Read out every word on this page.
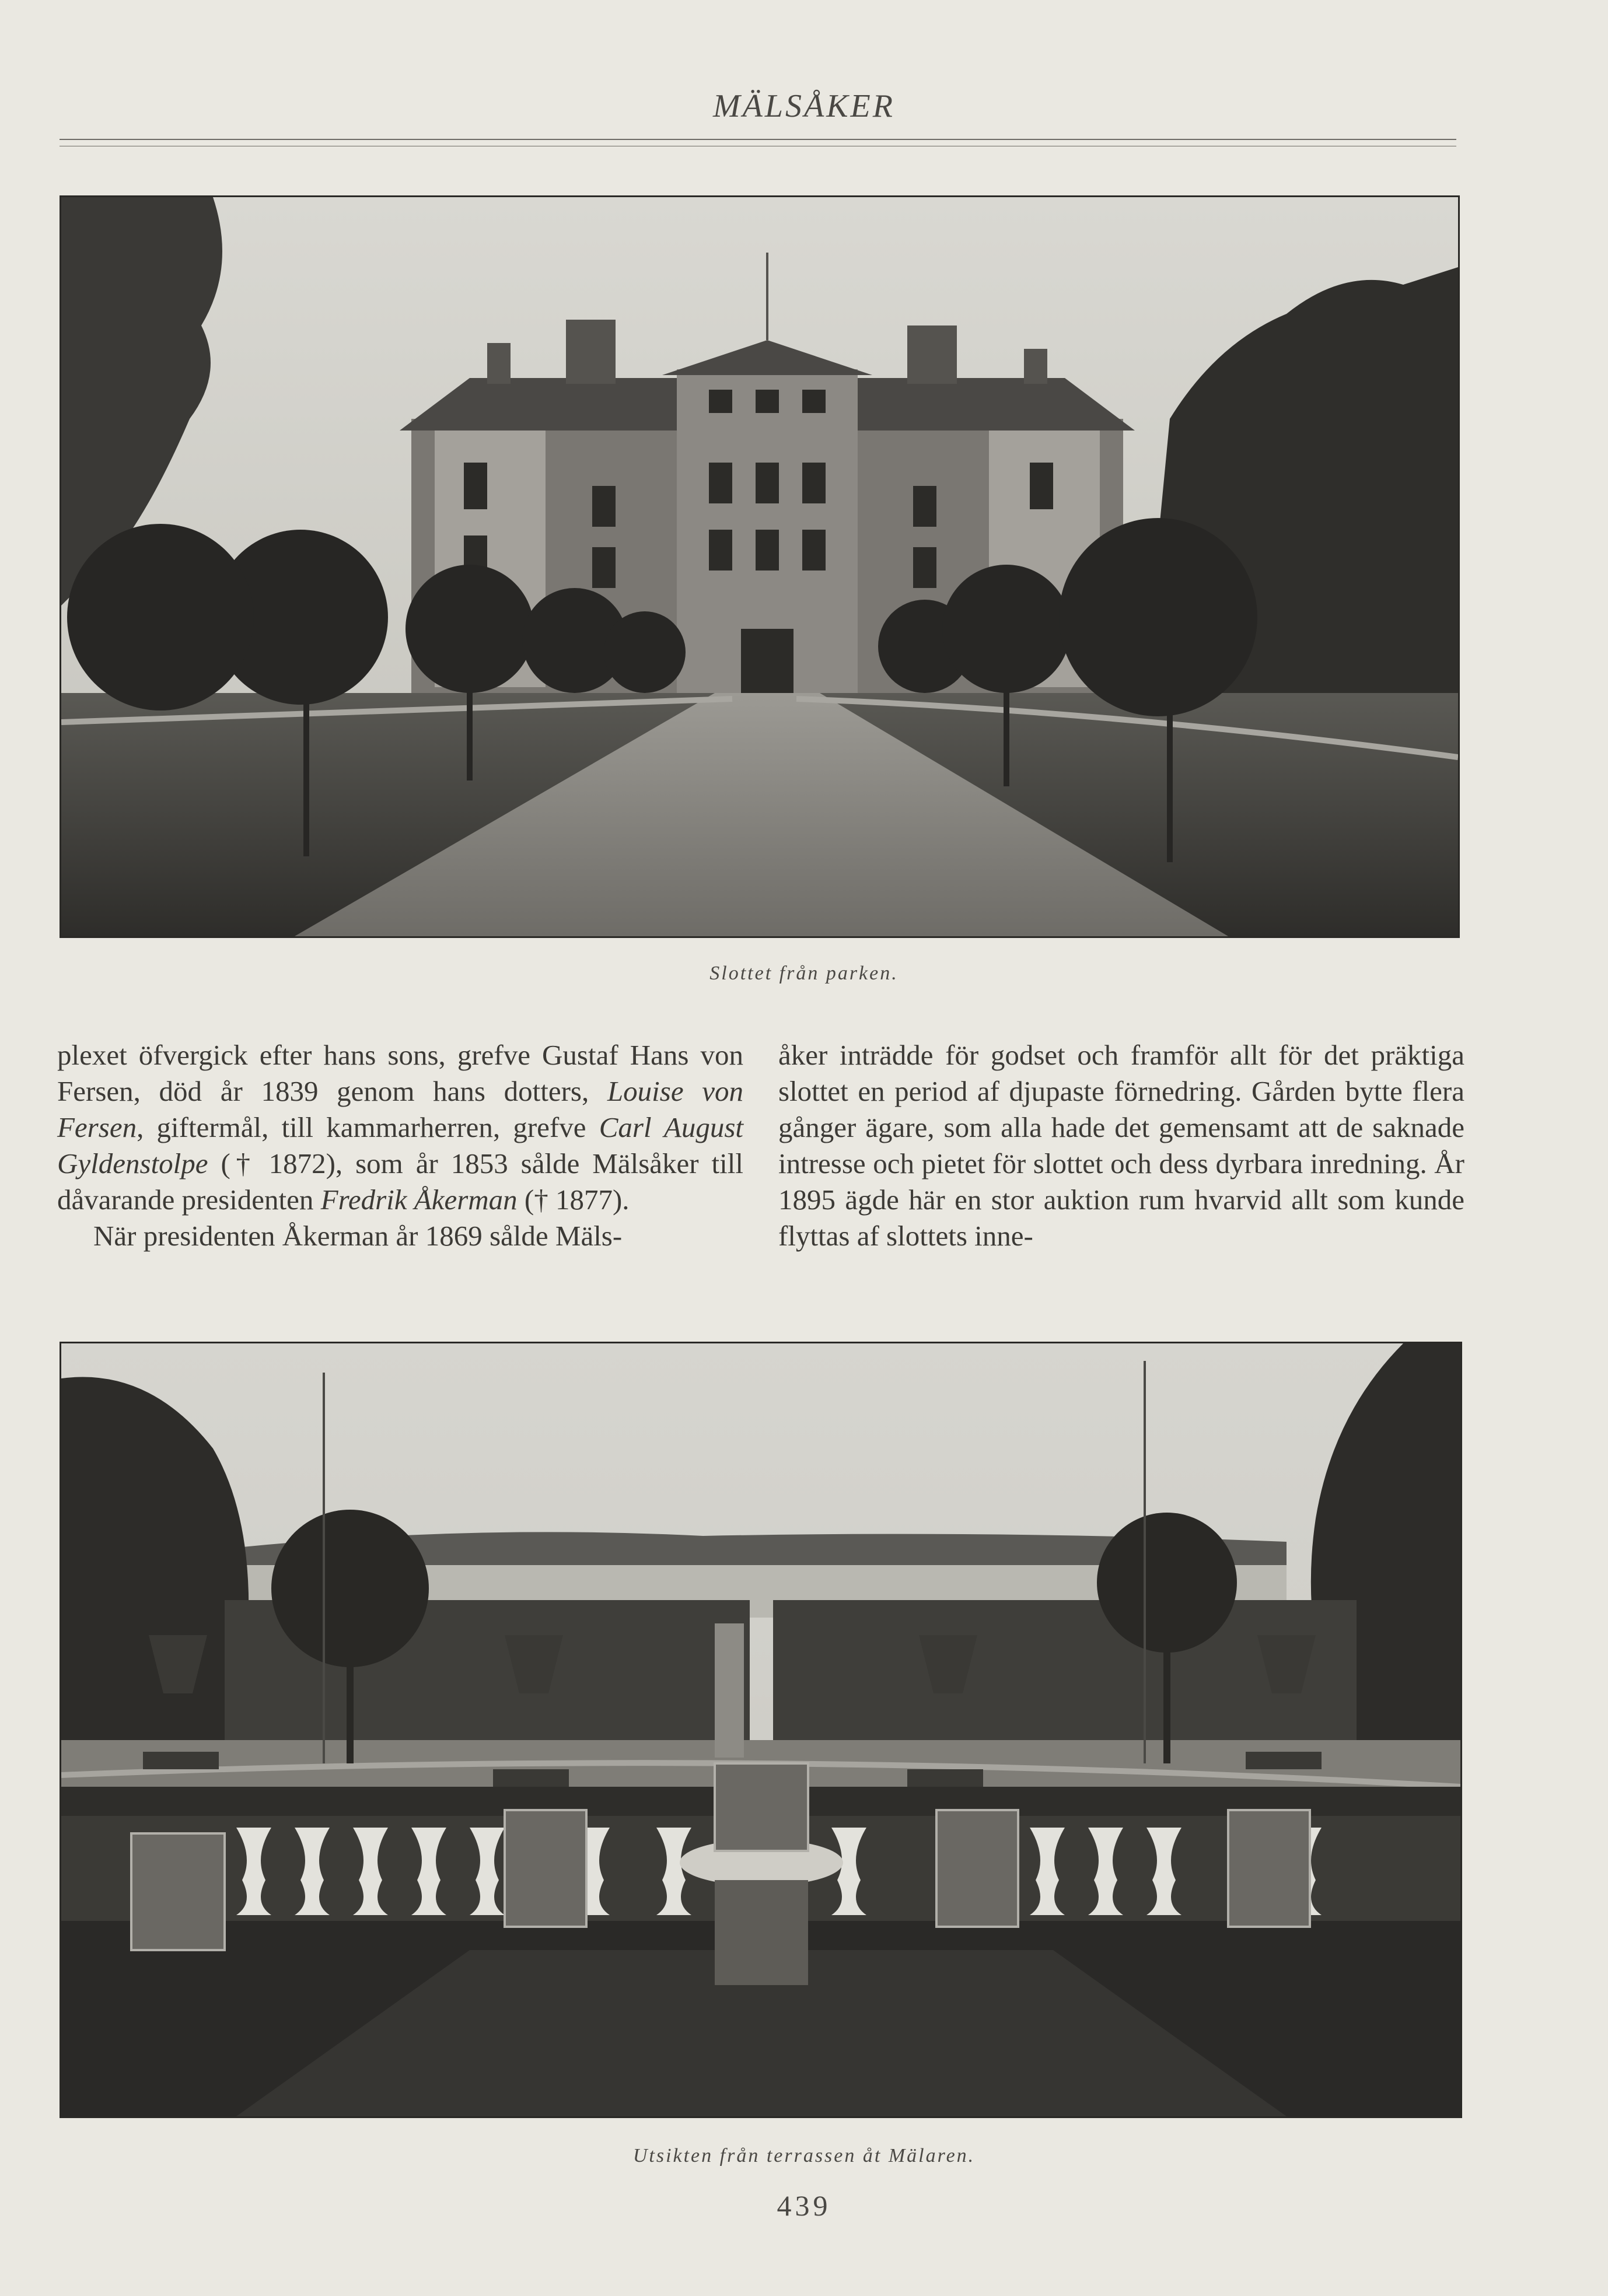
MÄLSÅKER
Slottet från parken.

plexet öfvergick efter hans sons, grefve Gustaf Hans von Fersen, död år 1839 genom hans dotters, Louise von Fersen, giftermål, till kammarherren, grefve Carl August Gyldenstolpe († 1872), som år 1853 sålde Mälsåker till dåvarande presidenten Fredrik Åkerman († 1877).

När presidenten Åkerman år 1869 sålde Mäls-

åker inträdde för godset och framför allt för det präktiga slottet en period af djupaste förnedring. Gården bytte flera gånger ägare, som alla hade det gemensamt att de saknade intresse och pietet för slottet och dess dyrbara inredning. År 1895 ägde här en stor auktion rum hvarvid allt som kunde flyttas af slottets inne-

Utsikten från terrassen åt Mälaren.
439
